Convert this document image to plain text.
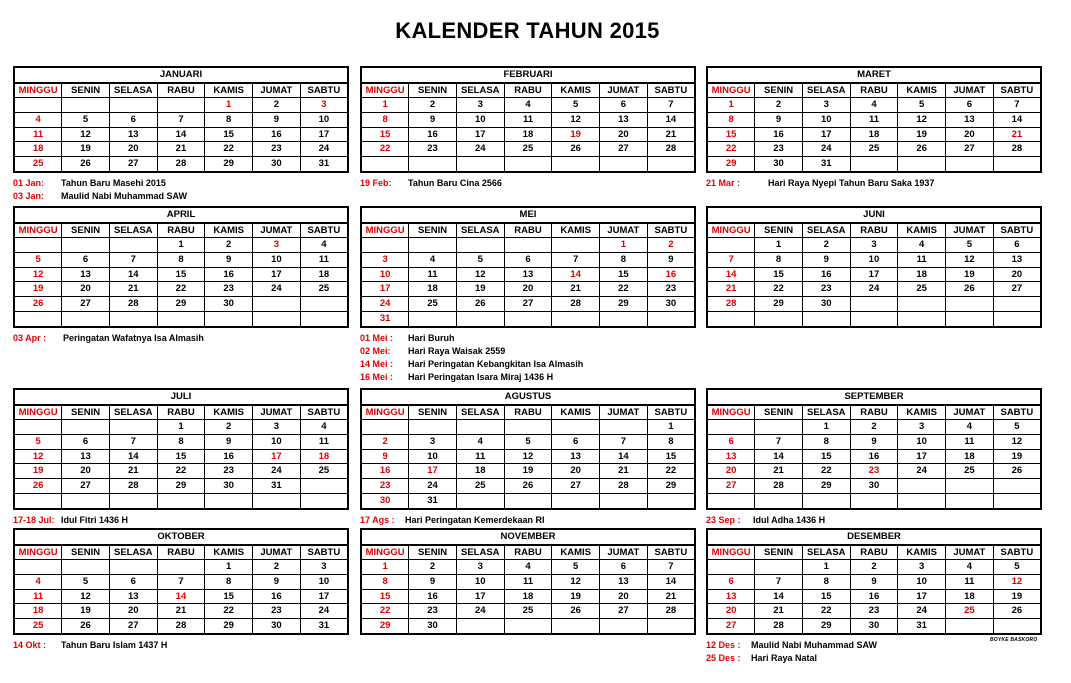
KALENDER TAHUN 2015
JANUARI						
MINGGU	SENIN	SELASA	RABU	KAMIS	JUMAT	SABTU
				1	2	3
4	5	6	7	8	9	10
11	12	13	14	15	16	17
18	19	20	21	22	23	24
25	26	27	28	29	30	31
01 Jan: Tahun Baru Masehi 2015
03 Jan: Maulid Nabi Muhammad SAW
FEBRUARI						
MINGGU	SENIN	SELASA	RABU	KAMIS	JUMAT	SABTU
1	2	3	4	5	6	7
8	9	10	11	12	13	14
15	16	17	18	19	20	21
22	23	24	25	26	27	28

19 Feb: Tahun Baru Cina 2566
MARET						
MINGGU	SENIN	SELASA	RABU	KAMIS	JUMAT	SABTU
1	2	3	4	5	6	7
8	9	10	11	12	13	14
15	16	17	18	19	20	21
22	23	24	25	26	27	28
29	30	31				
21 Mar :	Hari Raya Nyepi Tahun Baru Saka 1937
APRIL						
MINGGU	SENIN	SELASA	RABU	KAMIS	JUMAT	SABTU
			1	2	3	4
5	6	7	8	9	10	11
12	13	14	15	16	17	18
19	20	21	22	23	24	25
26	27	28	29	30		

03 Apr : Peringatan Wafatnya Isa Almasih
MEI						
MINGGU	SENIN	SELASA	RABU	KAMIS	JUMAT	SABTU
					1	2
3	4	5	6	7	8	9
10	11	12	13	14	15	16
17	18	19	20	21	22	23
24	25	26	27	28	29	30
31						
01 Mei : Hari Buruh
02 Mei: Hari Raya Waisak 2559
14 Mei : Hari Peringatan Kebangkitan Isa Almasih
16 Mei : Hari Peringatan Isara Miraj 1436 H
JUNI						
MINGGU	SENIN	SELASA	RABU	KAMIS	JUMAT	SABTU
	1	2	3	4	5	6
7	8	9	10	11	12	13
14	15	16	17	18	19	20
21	22	23	24	25	26	27
28	29	30				

JULI						
MINGGU	SENIN	SELASA	RABU	KAMIS	JUMAT	SABTU
			1	2	3	4
5	6	7	8	9	10	11
12	13	14	15	16	17	18
19	20	21	22	23	24	25
26	27	28	29	30	31	

17-18 Jul: Idul Fitri 1436 H
AGUSTUS						
MINGGU	SENIN	SELASA	RABU	KAMIS	JUMAT	SABTU
						1
2	3	4	5	6	7	8
9	10	11	12	13	14	15
16	17	18	19	20	21	22
23	24	25	26	27	28	29
30	31					
17 Ags : Hari Peringatan Kemerdekaan RI
SEPTEMBER						
MINGGU	SENIN	SELASA	RABU	KAMIS	JUMAT	SABTU
		1	2	3	4	5
6	7	8	9	10	11	12
13	14	15	16	17	18	19
20	21	22	23	24	25	26
27	28	29	30			

23 Sep : Idul Adha 1436 H
OKTOBER						
MINGGU	SENIN	SELASA	RABU	KAMIS	JUMAT	SABTU
				1	2	3
4	5	6	7	8	9	10
11	12	13	14	15	16	17
18	19	20	21	22	23	24
25	26	27	28	29	30	31
14 Okt : Tahun Baru Islam 1437 H
NOVEMBER						
MINGGU	SENIN	SELASA	RABU	KAMIS	JUMAT	SABTU
1	2	3	4	5	6	7
8	9	10	11	12	13	14
15	16	17	18	19	20	21
22	23	24	25	26	27	28
29	30					
DESEMBER						
MINGGU	SENIN	SELASA	RABU	KAMIS	JUMAT	SABTU
		1	2	3	4	5
6	7	8	9	10	11	12
13	14	15	16	17	18	19
20	21	22	23	24	25	26
27	28	29	30	31		
12 Des : Maulid Nabi Muhammad SAW
25 Des : Hari Raya Natal
BOYKE BASKORO
